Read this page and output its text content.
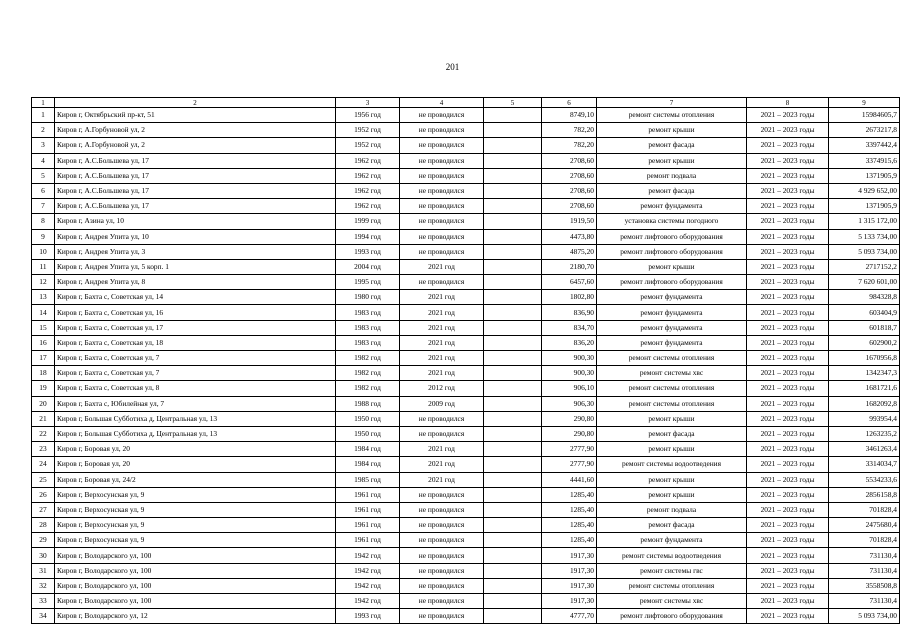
201
1	2	3	4	5	6	7	8	9
1	Киров г, Октябрьский пр-кт, 51	1956 год	не проводился		8749,10	ремонт системы отопления	2021 – 2023 годы	15984605,7
2	Киров г, А.Горбуновой ул, 2	1952 год	не проводился		782,20	ремонт крыши	2021 – 2023 годы	2673217,8
3	Киров г, А.Горбуновой ул, 2	1952 год	не проводился		782,20	ремонт фасада	2021 – 2023 годы	3397442,4
4	Киров г, А.С.Большева ул, 17	1962 год	не проводился		2708,60	ремонт крыши	2021 – 2023 годы	3374915,6
5	Киров г, А.С.Большева ул, 17	1962 год	не проводился		2708,60	ремонт подвала	2021 – 2023 годы	1371905,9
6	Киров г, А.С.Большева ул, 17	1962 год	не проводился		2708,60	ремонт фасада	2021 – 2023 годы	4 929 652,00
7	Киров г, А.С.Большева ул, 17	1962 год	не проводился		2708,60	ремонт фундамента	2021 – 2023 годы	1371905,9
8	Киров г, Азина ул, 10	1999 год	не проводился		1919,50	установка системы погодного	2021 – 2023 годы	1 315 172,00
9	Киров г, Андрея Упита ул, 10	1994 год	не проводился		4473,80	ремонт лифтового оборудования	2021 – 2023 годы	5 133 734,00
10	Киров г, Андрея Упита ул, 3	1993 год	не проводился		4875,20	ремонт лифтового оборудования	2021 – 2023 годы	5 093 734,00
11	Киров г, Андрея Упита ул, 5 корп. 1	2004 год	2021 год		2180,70	ремонт крыши	2021 – 2023 годы	2717152,2
12	Киров г, Андрея Упита ул, 8	1995 год	не проводился		6457,60	ремонт лифтового оборудования	2021 – 2023 годы	7 620 601,00
13	Киров г, Бахта с, Советская ул, 14	1980 год	2021 год		1802,80	ремонт фундамента	2021 – 2023 годы	984328,8
14	Киров г, Бахта с, Советская ул, 16	1983 год	2021 год		836,90	ремонт фундамента	2021 – 2023 годы	603404,9
15	Киров г, Бахта с, Советская ул, 17	1983 год	2021 год		834,70	ремонт фундамента	2021 – 2023 годы	601818,7
16	Киров г, Бахта с, Советская ул, 18	1983 год	2021 год		836,20	ремонт фундамента	2021 – 2023 годы	602900,2
17	Киров г, Бахта с, Советская ул, 7	1982 год	2021 год		900,30	ремонт системы отопления	2021 – 2023 годы	1670956,8
18	Киров г, Бахта с, Советская ул, 7	1982 год	2021 год		900,30	ремонт системы хвс	2021 – 2023 годы	1342347,3
19	Киров г, Бахта с, Советская ул, 8	1982 год	2012 год		906,10	ремонт системы отопления	2021 – 2023 годы	1681721,6
20	Киров г, Бахта с, Юбилейная ул, 7	1988 год	2009 год		906,30	ремонт системы отопления	2021 – 2023 годы	1682092,8
21	Киров г, Большая Субботиха д, Центральная ул, 13	1950 год	не проводился		290,80	ремонт крыши	2021 – 2023 годы	993954,4
22	Киров г, Большая Субботиха д, Центральная ул, 13	1950 год	не проводился		290,80	ремонт фасада	2021 – 2023 годы	1263235,2
23	Киров г, Боровая ул, 20	1984 год	2021 год		2777,90	ремонт крыши	2021 – 2023 годы	3461263,4
24	Киров г, Боровая ул, 20	1984 год	2021 год		2777,90	ремонт системы водоотведения	2021 – 2023 годы	3314034,7
25	Киров г, Боровая ул, 24/2	1985 год	2021 год		4441,60	ремонт крыши	2021 – 2023 годы	5534233,6
26	Киров г, Верхосунская ул, 9	1961 год	не проводился		1285,40	ремонт крыши	2021 – 2023 годы	2856158,8
27	Киров г, Верхосунская ул, 9	1961 год	не проводился		1285,40	ремонт подвала	2021 – 2023 годы	701828,4
28	Киров г, Верхосунская ул, 9	1961 год	не проводился		1285,40	ремонт фасада	2021 – 2023 годы	2475680,4
29	Киров г, Верхосунская ул, 9	1961 год	не проводился		1285,40	ремонт фундамента	2021 – 2023 годы	701828,4
30	Киров г, Володарского ул, 100	1942 год	не проводился		1917,30	ремонт системы водоотведения	2021 – 2023 годы	731130,4
31	Киров г, Володарского ул, 100	1942 год	не проводился		1917,30	ремонт системы гвс	2021 – 2023 годы	731130,4
32	Киров г, Володарского ул, 100	1942 год	не проводился		1917,30	ремонт системы отопления	2021 – 2023 годы	3558508,8
33	Киров г, Володарского ул, 100	1942 год	не проводился		1917,30	ремонт системы хвс	2021 – 2023 годы	731130,4
34	Киров г, Володарского ул, 12	1993 год	не проводился		4777,70	ремонт лифтового оборудования	2021 – 2023 годы	5 093 734,00
